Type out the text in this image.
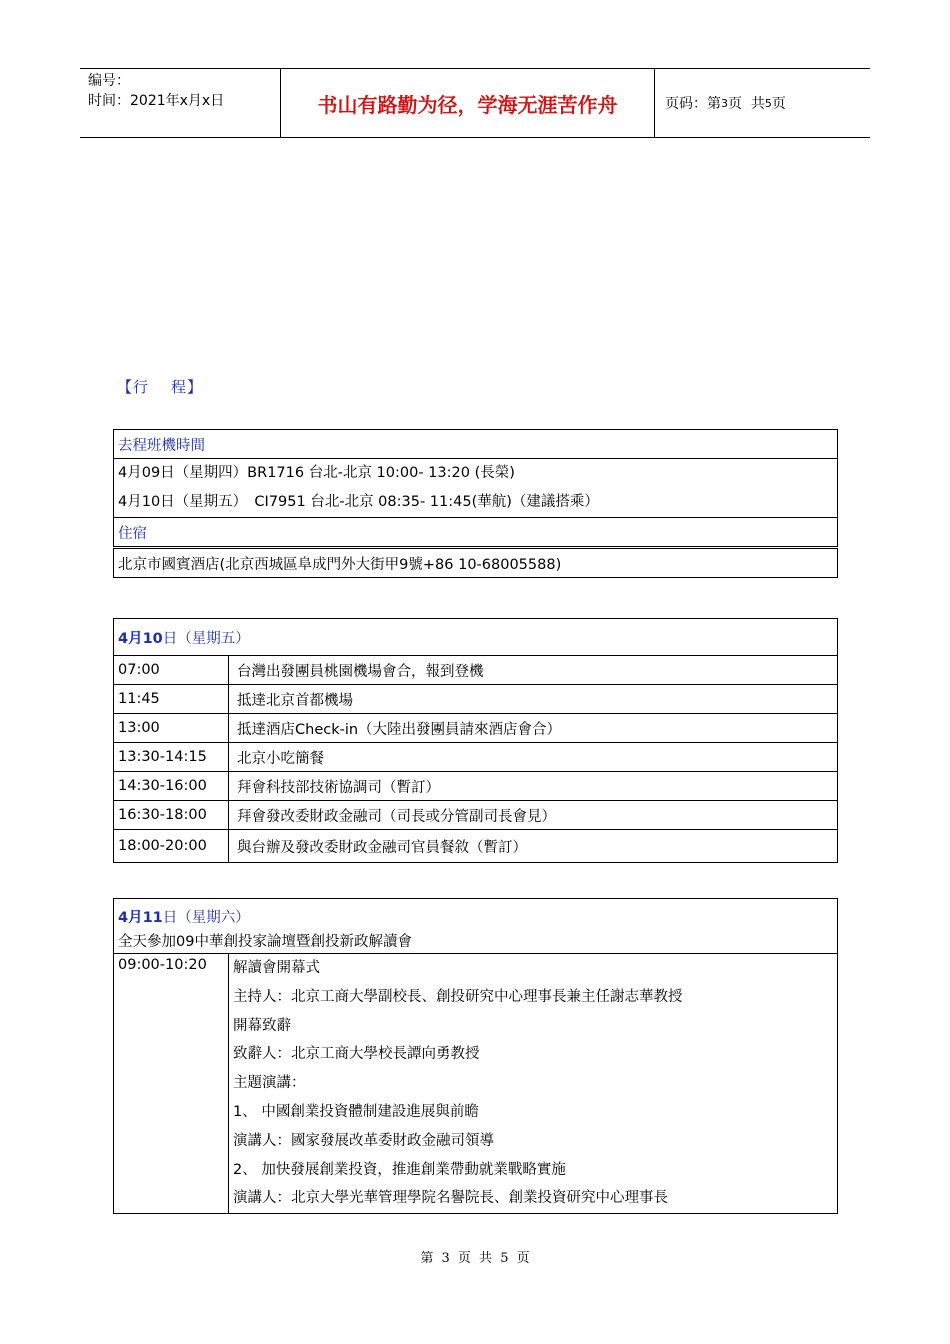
编号：
时间：2021年x月x日	书山有路勤为径，学海无涯苦作舟	页码：第 3 页  共 5 页
【行 程】
去程班機時間

4月09日（星期四）BR1716 台北-北京 10:00- 13:20 (長榮)
4月10日（星期五）　CI7951 台北-北京 08:35- 11:45(華航)（建議搭乘）

住宿
北京市國賓酒店(北京西城區阜成門外大街甲9號+86 10-68005588)
4月10日（星期五）	
07:00	台灣出發團員桃園機場會合，報到登機
11:45	抵達北京首都機場
13:00	抵達酒店Check-in（大陸出發團員請來酒店會合）
13:30-14:15	北京小吃簡餐
14:30-16:00	拜會科技部技術協調司（暫訂）
16:30-18:00	拜會發改委財政金融司（司長或分管副司長會見）
18:00-20:00	與台辦及發改委財政金融司官員餐敘（暫訂）
4月11日（星期六）
全天參加09中華創投家論壇暨創投新政解讀會
09:00-10:20	解讀會開幕式
主持人：北京工商大學副校長、創投研究中心理事長兼主任謝志華教授
開幕致辭
致辭人：北京工商大學校長譚向勇教授
主題演講：
1、 中國創業投資體制建設進展與前瞻
演講人：國家發展改革委財政金融司領導
2、 加快發展創業投資，推進創業帶動就業戰略實施
演講人：北京大學光華管理學院名譽院長、創業投資研究中心理事長
第 3 页 共 5 页
